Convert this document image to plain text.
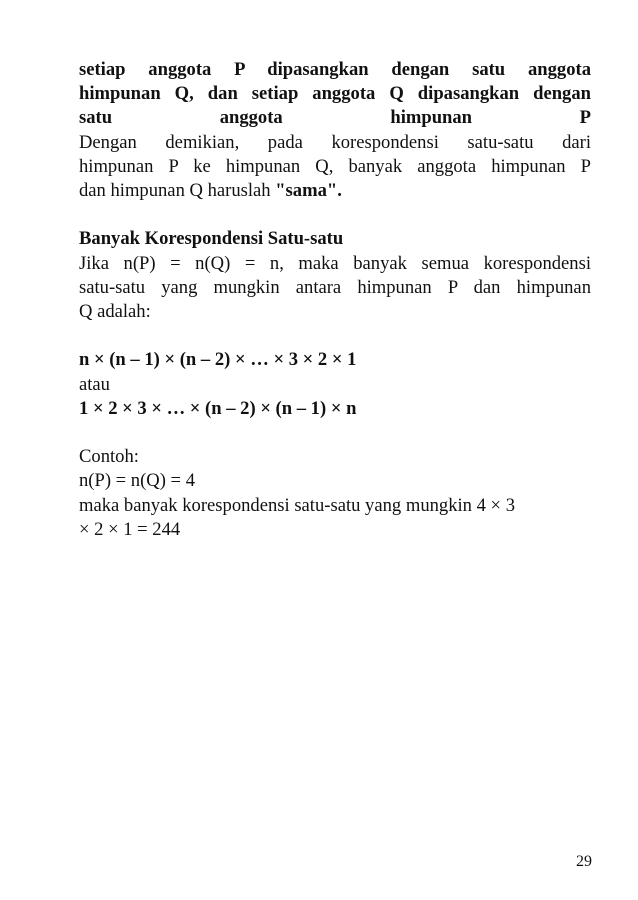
setiap anggota P dipasangkan dengan satu anggota
himpunan Q, dan setiap anggota Q dipasangkan dengan
satu	anggota	himpunan	P
Dengan demikian, pada korespondensi satu-satu dari
himpunan P ke himpunan Q, banyak anggota himpunan P
dan himpunan Q haruslah "sama".
Banyak Korespondensi Satu-satu
Jika n(P) = n(Q) = n, maka banyak semua korespondensi
satu-satu yang mungkin antara himpunan P dan himpunan
Q adalah:
n × (n – 1) × (n – 2) × … × 3 × 2 × 1
atau
1 × 2 × 3 × … × (n – 2) × (n – 1) × n
Contoh:
n(P) = n(Q) = 4
maka banyak korespondensi satu-satu yang mungkin 4 × 3
× 2 × 1 = 244
29
